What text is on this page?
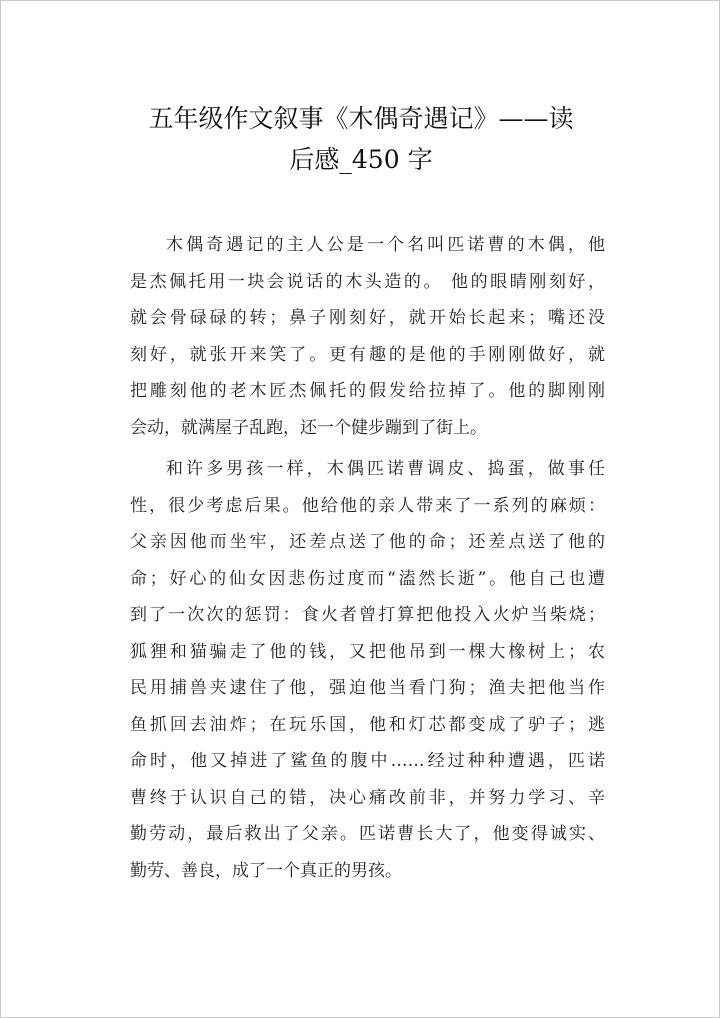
五年级作文叙事《木偶奇遇记》——读
后感_450 字
木偶奇遇记的主人公是一个名叫匹诺曹的木偶，他
是杰佩托用一块会说话的木头造的。 他的眼睛刚刻好，
就会骨碌碌的转；鼻子刚刻好，就开始长起来；嘴还没
刻好，就张开来笑了。更有趣的是他的手刚刚做好，就
把雕刻他的老木匠杰佩托的假发给拉掉了。他的脚刚刚
会动，就满屋子乱跑，还一个健步蹦到了街上。
和许多男孩一样，木偶匹诺曹调皮、捣蛋，做事任
性，很少考虑后果。他给他的亲人带来了一系列的麻烦：
父亲因他而坐牢，还差点送了他的命；还差点送了他的
命；好心的仙女因悲伤过度而“溘然长逝”。他自己也遭
到了一次次的惩罚：食火者曾打算把他投入火炉当柴烧；
狐狸和猫骗走了他的钱，又把他吊到一棵大橡树上；农
民用捕兽夹逮住了他，强迫他当看门狗；渔夫把他当作
鱼抓回去油炸；在玩乐国，他和灯芯都变成了驴子；逃
命时，他又掉进了鲨鱼的腹中……经过种种遭遇，匹诺
曹终于认识自己的错，决心痛改前非，并努力学习、辛
勤劳动，最后救出了父亲。匹诺曹长大了，他变得诚实、
勤劳、善良，成了一个真正的男孩。
